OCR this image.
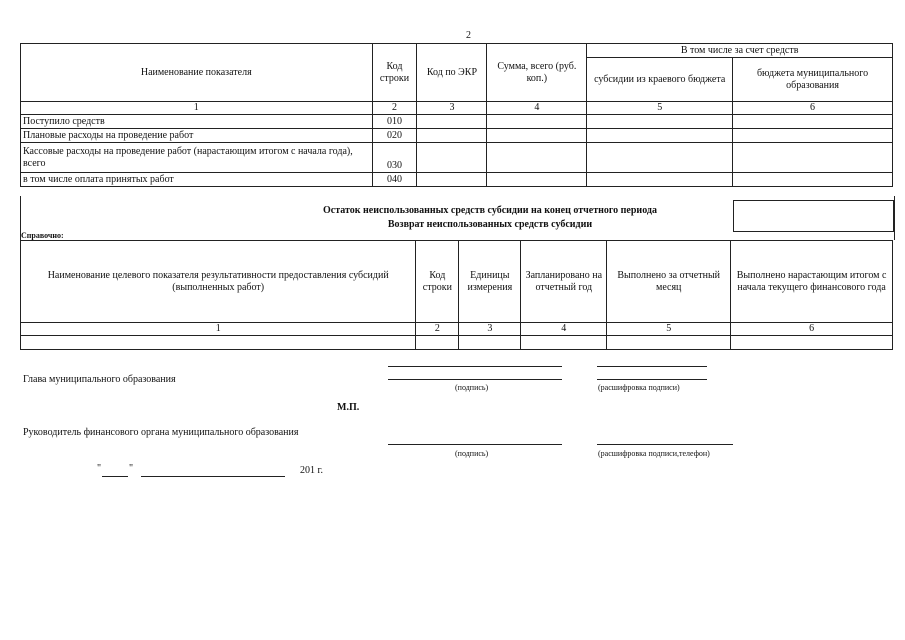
2
Наименование показателя	Код строки	Код по ЭКР	Сумма, всего (руб. коп.)	В том числе за счет средств	
				субсидии из краевого бюджета	бюджета муниципального образования
1	2	3	4	5	6
Поступило средств	010				
Плановые расходы на проведение работ	020				
Кассовые расходы на проведение работ (нарастающим итогом с начала года), всего	030				
в том числе оплата принятых работ	040				
Остаток неиспользованных средств субсидии на конец отчетного периода
Возврат неиспользованных средств субсидии
Справочно:
Наименование целевого показателя результативности предоставления субсидий (выполненных работ)	Код строки	Единицы измерения	Запланировано на отчетный год	Выполнено за отчетный месяц	Выполнено нарастающим итогом с начала текущего финансового года
1	2	3	4	5	6

Глава муниципального образования
(подпись)	(расшифровка подписи)
М.П.
Руководитель финансового органа муниципального образования
(подпись)	(расшифровка подписи,телефон)
"	"	201 г.
